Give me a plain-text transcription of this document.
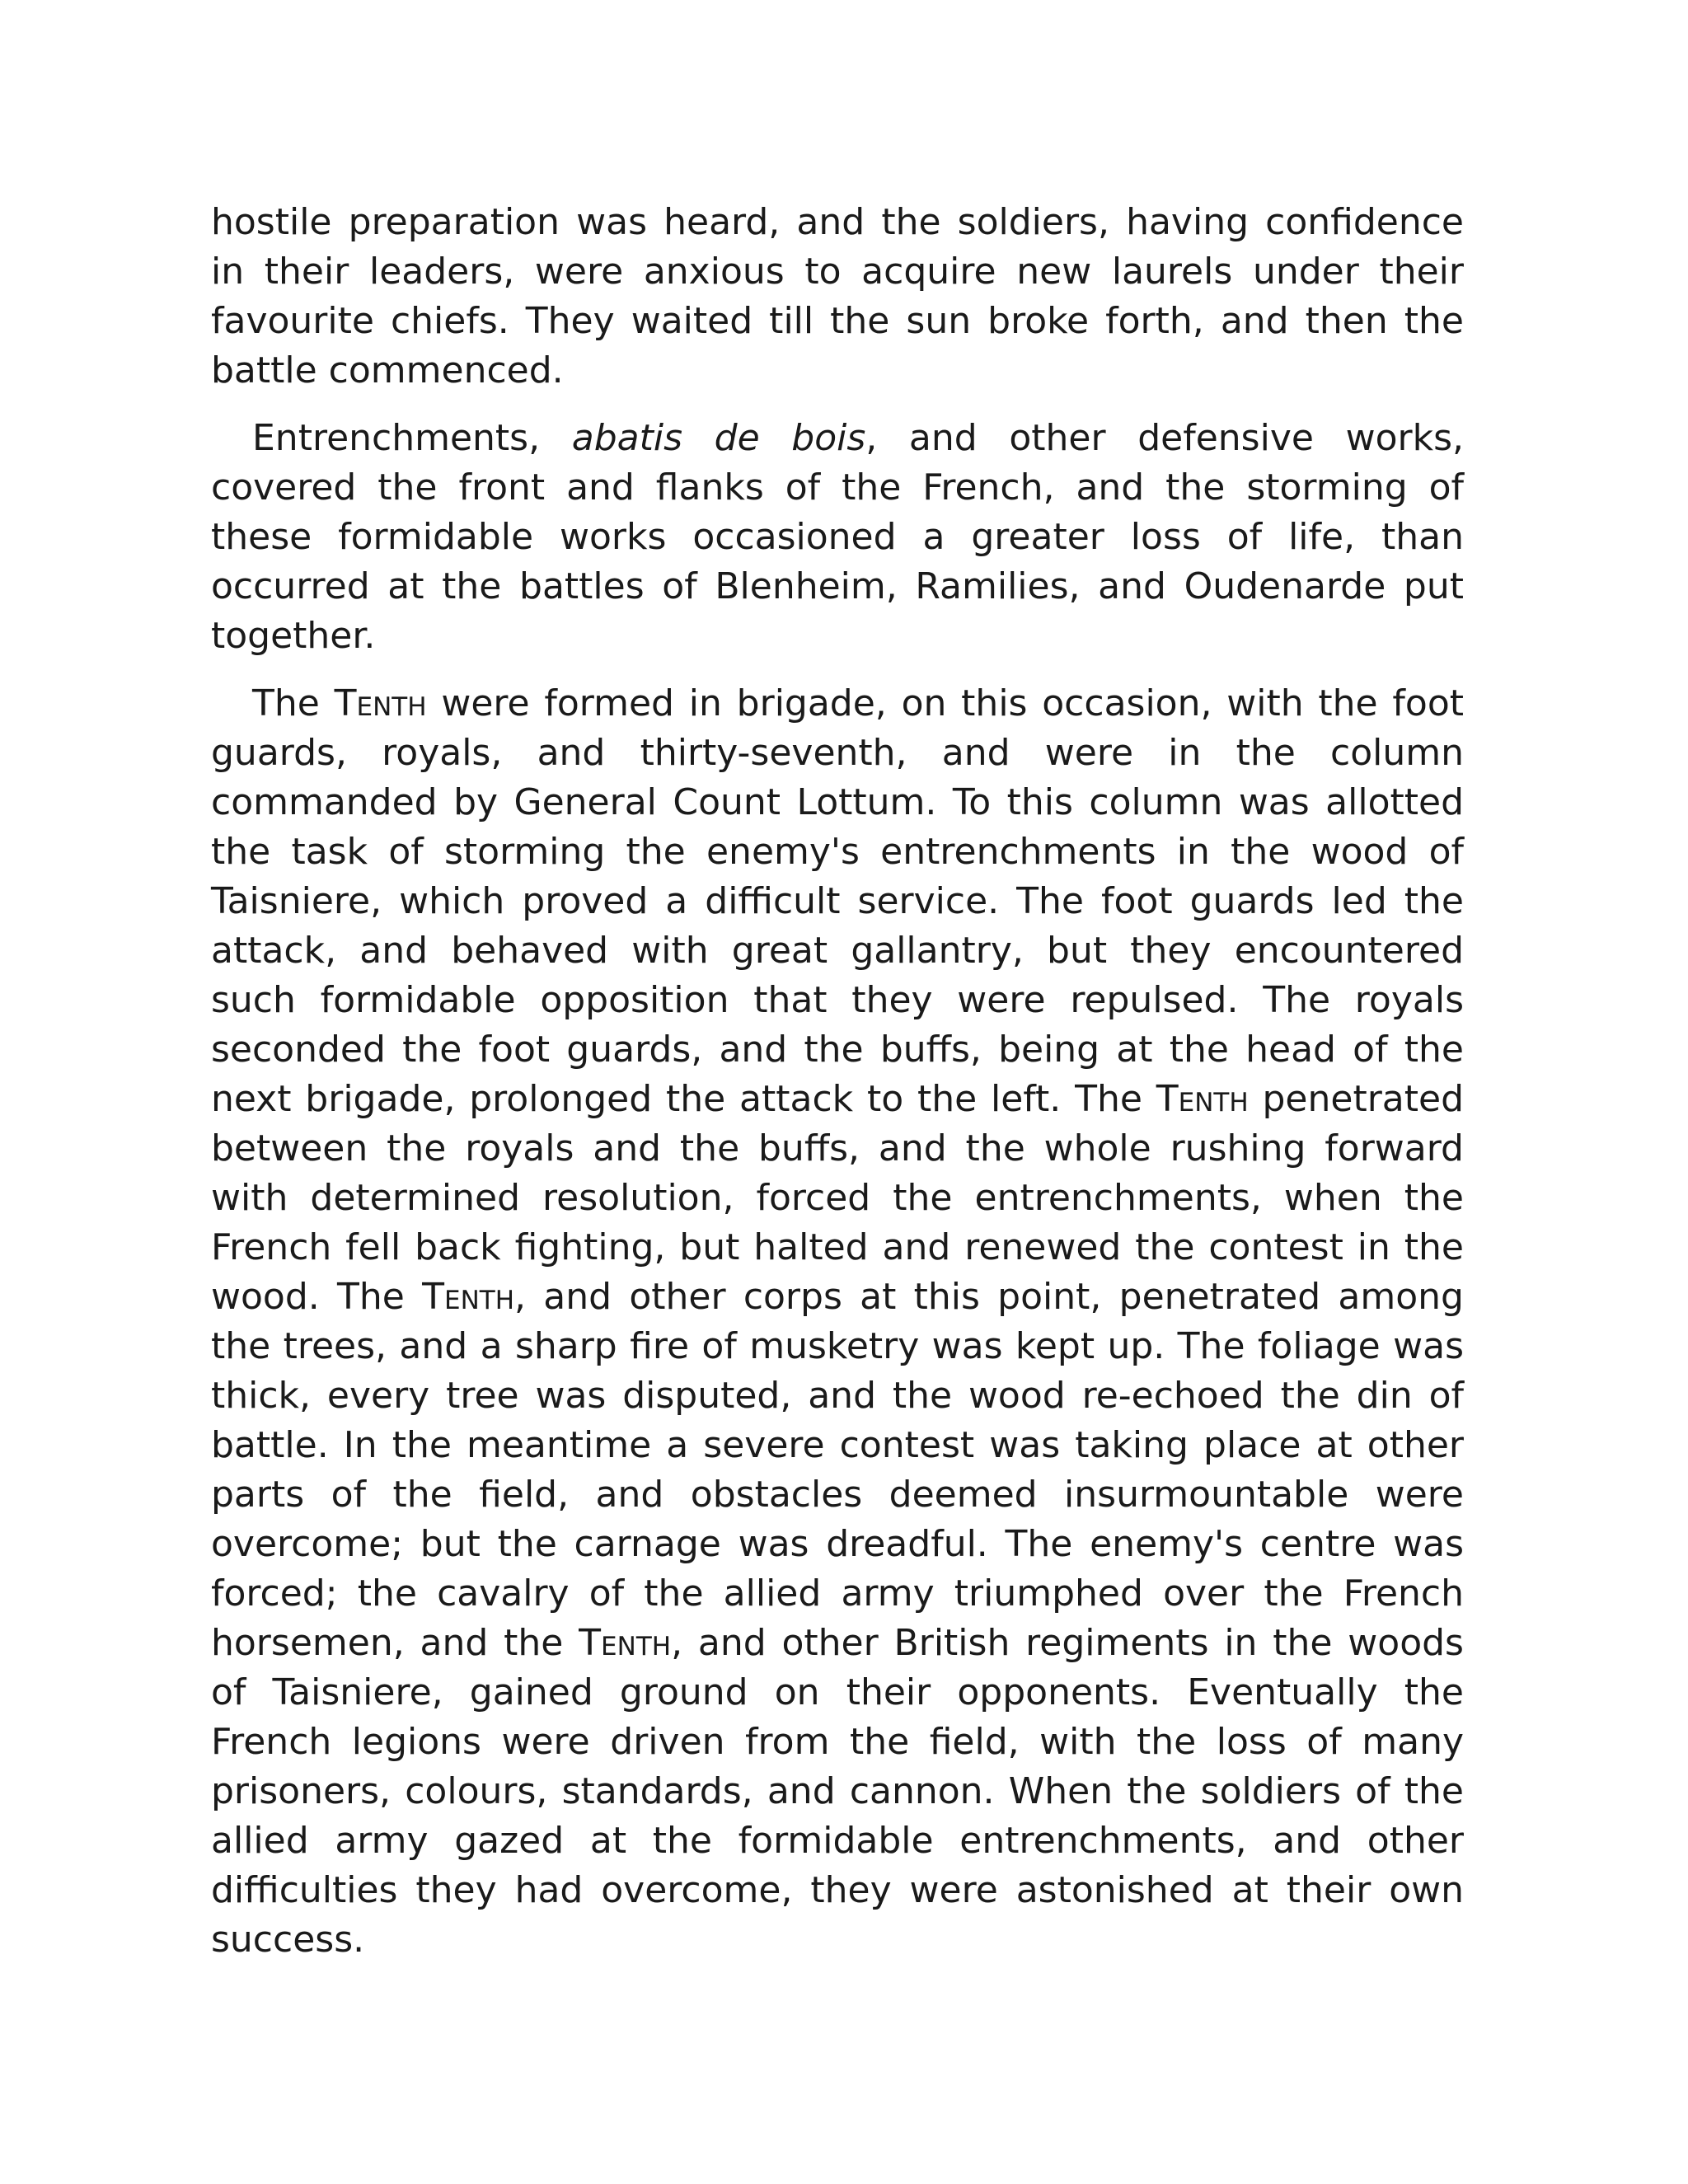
hostile preparation was heard, and the soldiers, having confidence in their leaders, were anxious to acquire new laurels under their favourite chiefs. They waited till the sun broke forth, and then the battle commenced.

Entrenchments, abatis de bois, and other defensive works, covered the front and flanks of the French, and the storming of these formidable works occasioned a greater loss of life, than occurred at the battles of Blenheim, Ramilies, and Oudenarde put together.

The Tenth were formed in brigade, on this occasion, with the foot guards, royals, and thirty-seventh, and were in the column commanded by General Count Lottum. To this column was allotted the task of storming the enemy's entrenchments in the wood of Taisniere, which proved a difficult service. The foot guards led the attack, and behaved with great gallantry, but they encountered such formidable opposition that they were repulsed. The royals seconded the foot guards, and the buffs, being at the head of the next brigade, prolonged the attack to the left. The Tenth penetrated between the royals and the buffs, and the whole rushing forward with determined resolution, forced the entrenchments, when the French fell back fighting, but halted and renewed the contest in the wood. The Tenth, and other corps at this point, penetrated among the trees, and a sharp fire of musketry was kept up. The foliage was thick, every tree was disputed, and the wood re-echoed the din of battle. In the meantime a severe contest was taking place at other parts of the field, and obstacles deemed insurmountable were overcome; but the carnage was dreadful. The enemy's centre was forced; the cavalry of the allied army triumphed over the French horsemen, and the Tenth, and other British regiments in the woods of Taisniere, gained ground on their opponents. Eventually the French legions were driven from the field, with the loss of many prisoners, colours, standards, and cannon. When the soldiers of the allied army gazed at the formidable entrenchments, and other difficulties they had overcome, they were astonished at their own success.
